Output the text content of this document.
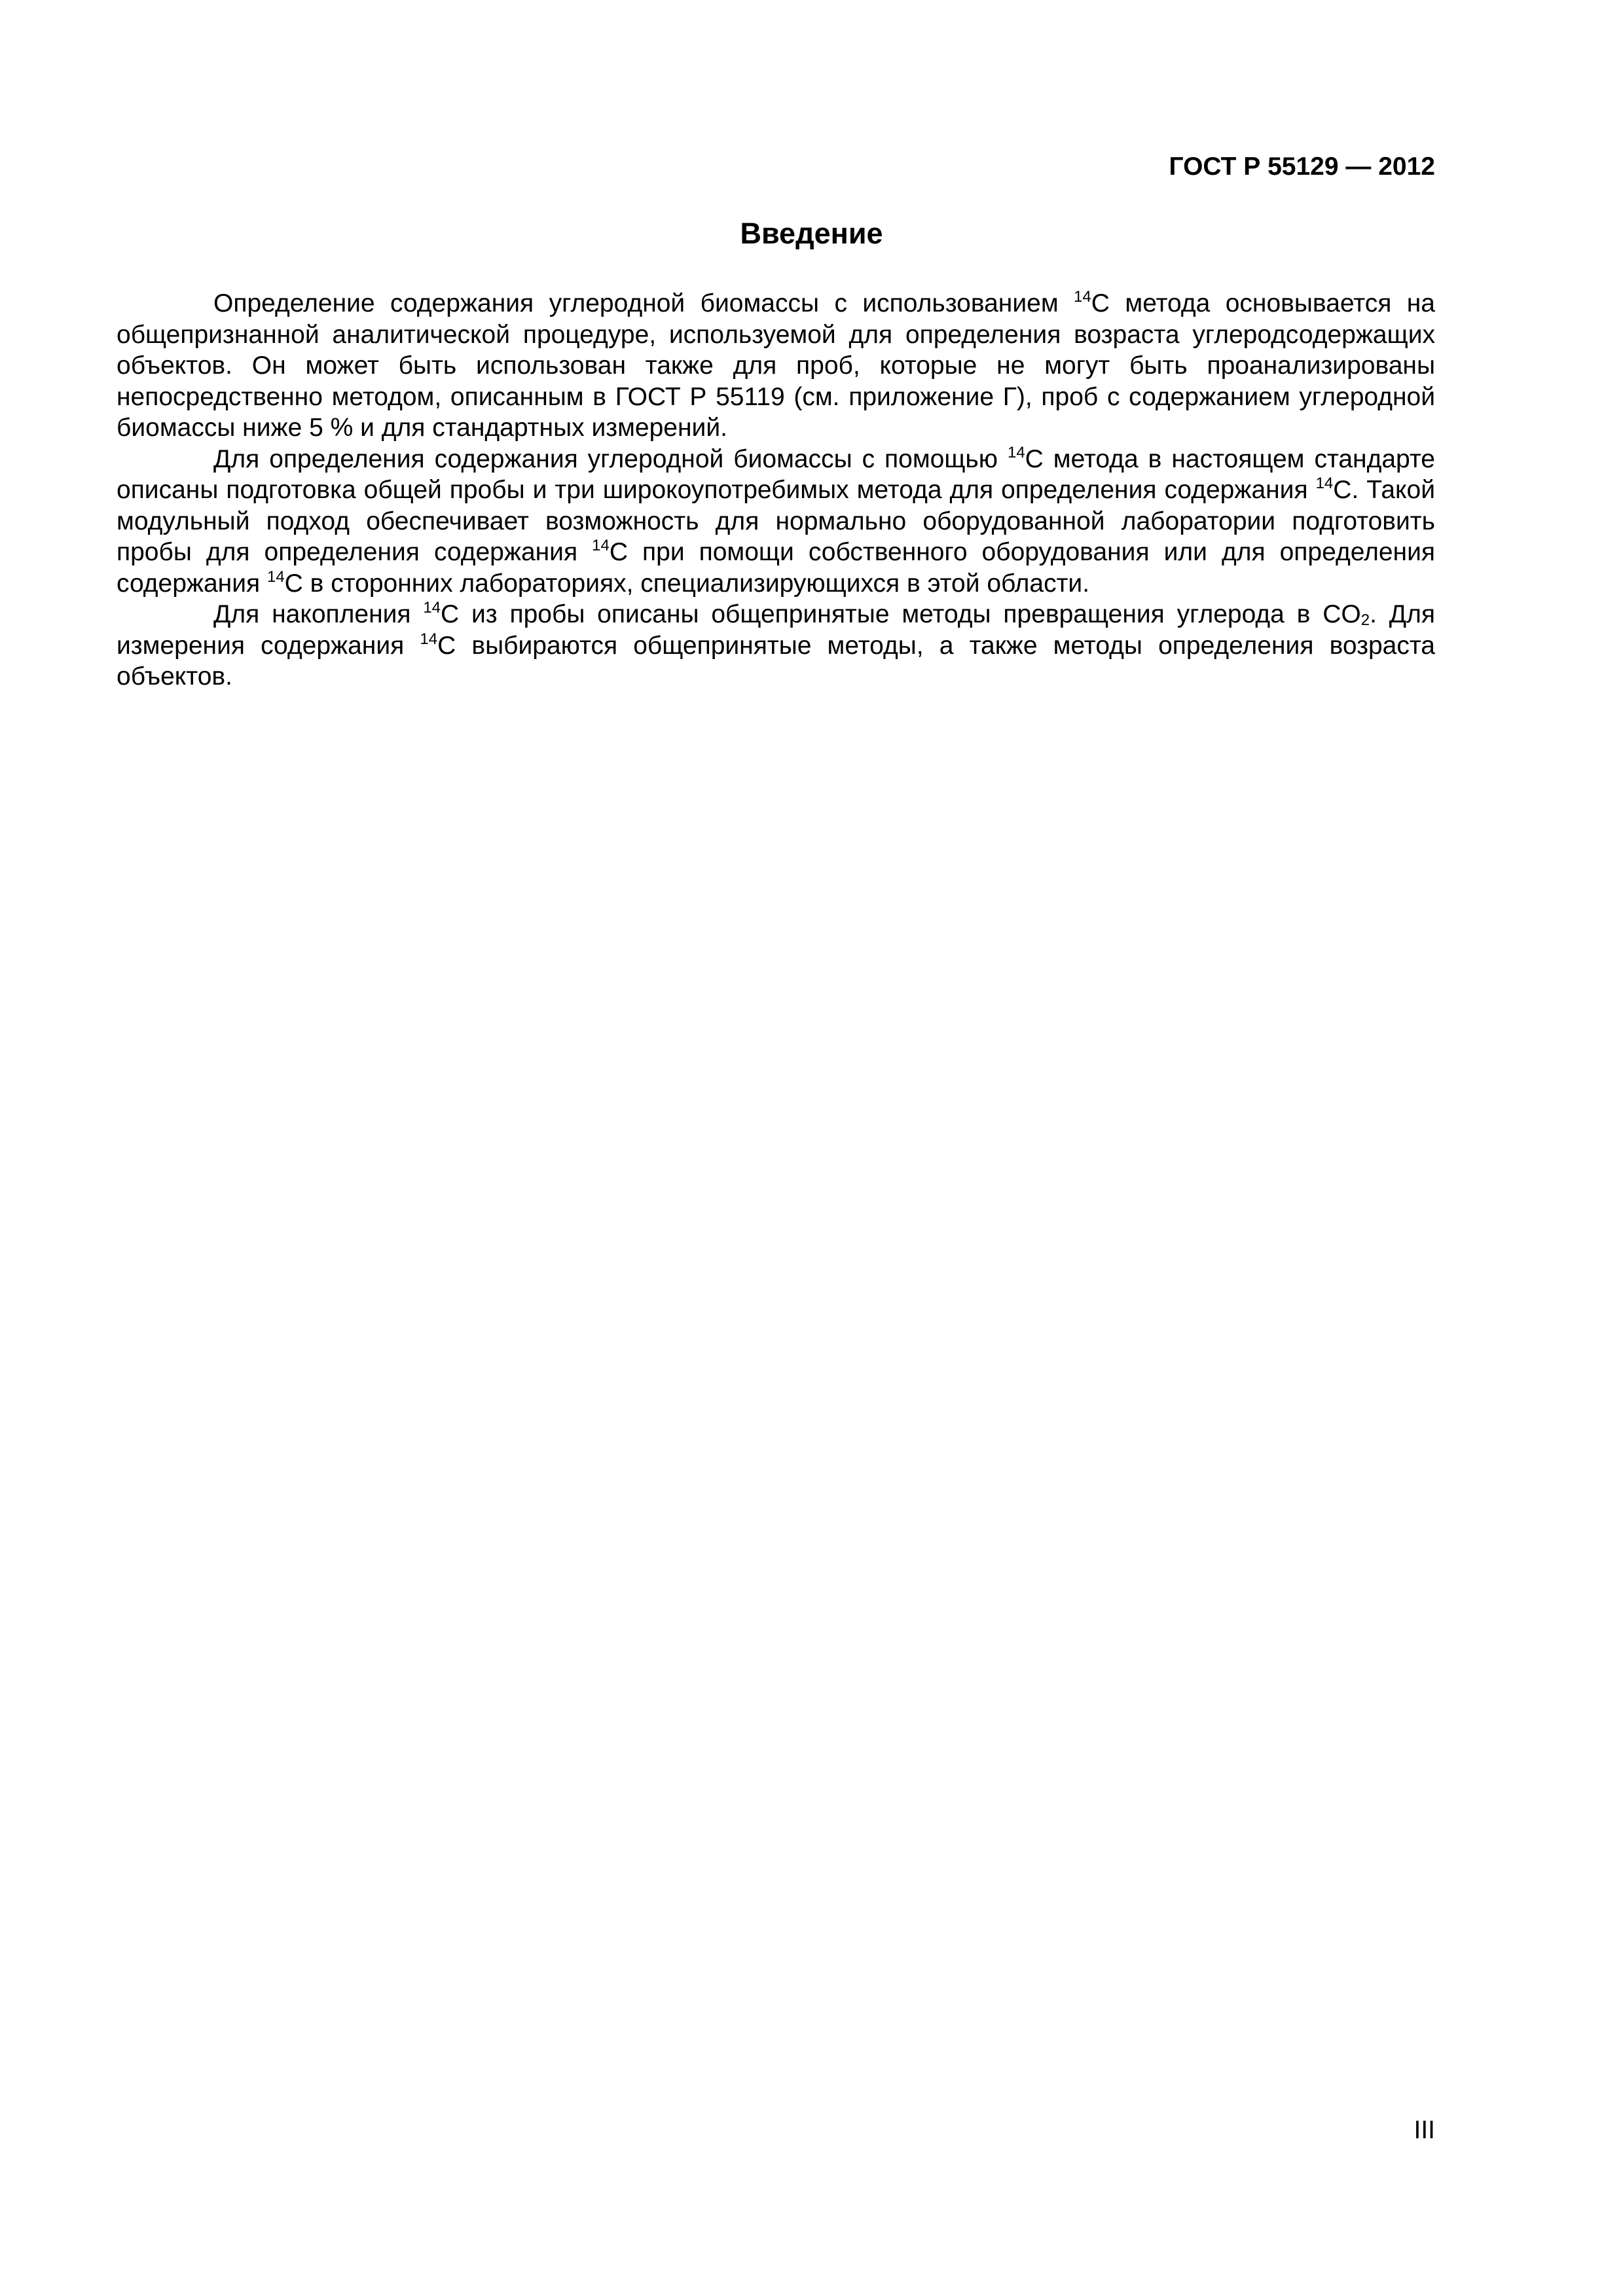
ГОСТ Р 55129 — 2012
Введение

Определение содержания углеродной биомассы с использованием $^{14}$С метода основывается на общепризнанной аналитической процедуре, используемой для определения возраста углеродсодержащих объектов. Он может быть использован также для проб, которые не могут быть проанализированы непосредственно методом, описанным в ГОСТ Р 55119 (см. приложение Г), проб с содержанием углеродной биомассы ниже 5 % и для стандартных измерений.

Для определения содержания углеродной биомассы с помощью $^{14}$С метода в настоящем стандарте описаны подготовка общей пробы и три широкоупотребимых метода для определения содержания $^{14}$С. Такой модульный подход обеспечивает возможность для нормально оборудованной лаборатории подготовить пробы для определения содержания $^{14}$С при помощи собственного оборудования или для определения содержания $^{14}$С в сторонних лабораториях, специализирующихся в этой области.

Для накопления $^{14}$С из пробы описаны общепринятые методы превращения углерода в $CO_2$. Для измерения содержания $^{14}$С выбираются общепринятые методы, а также методы определения возраста объектов.

III
